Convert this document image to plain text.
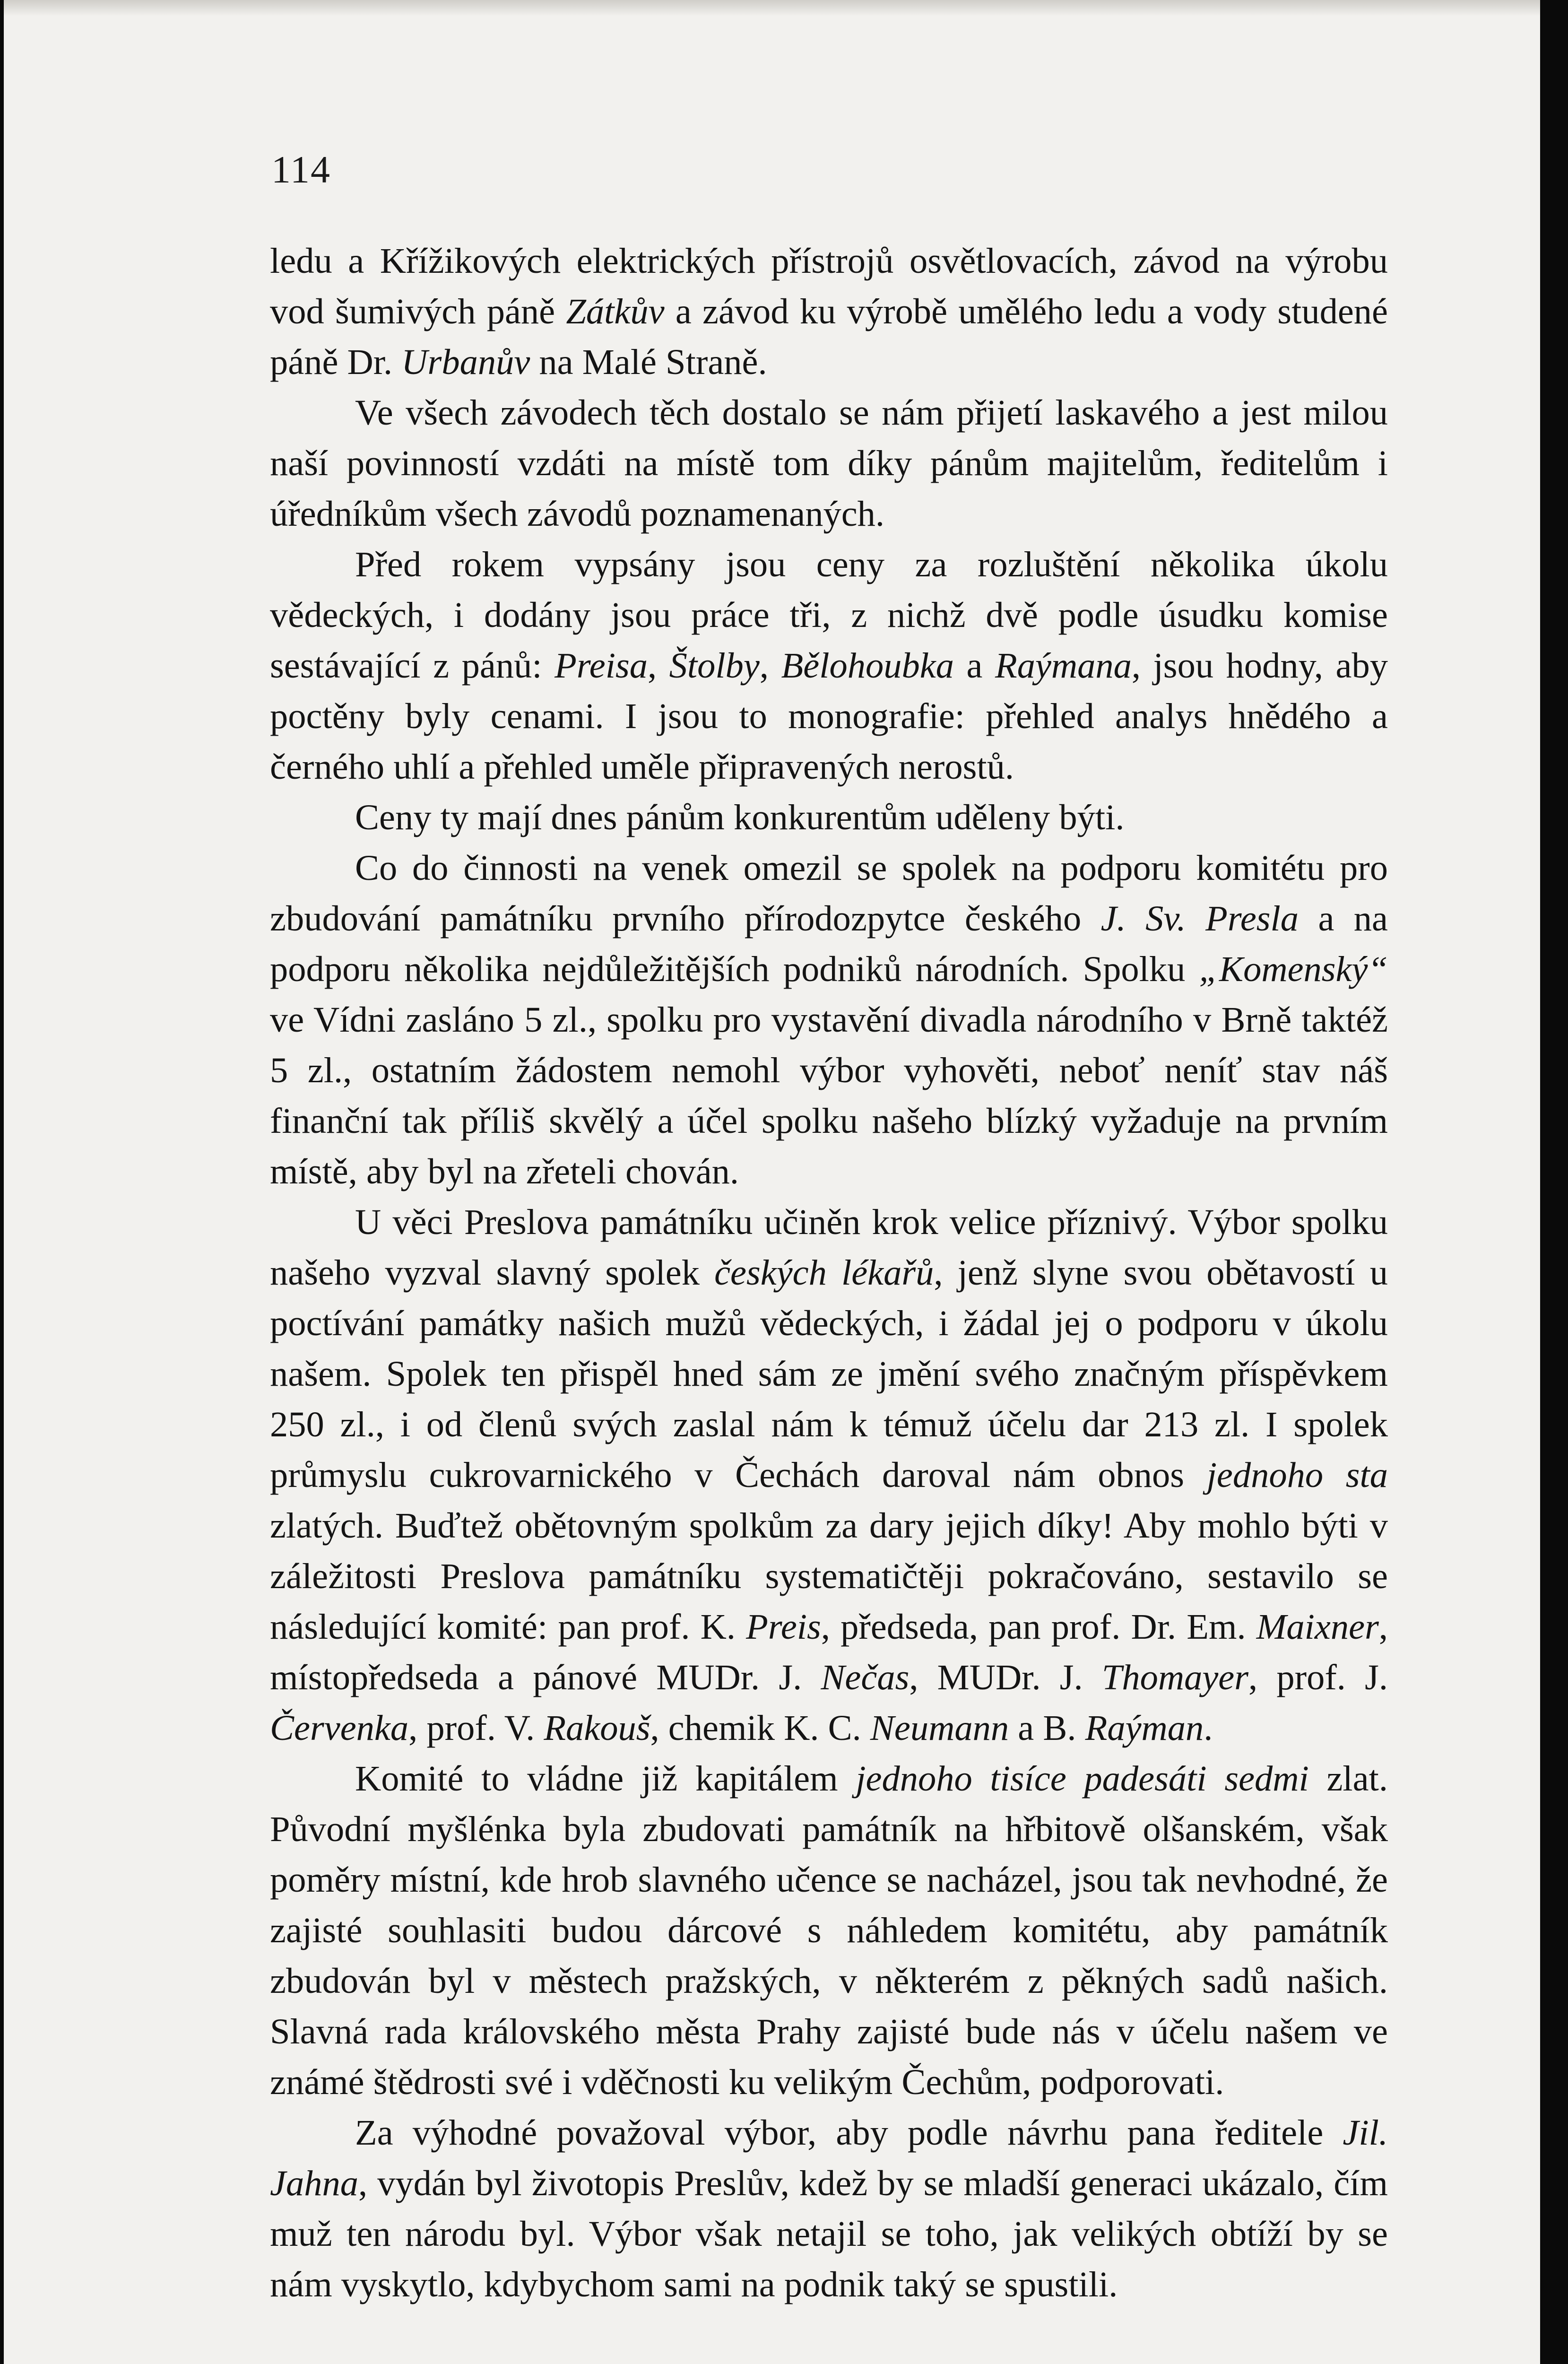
114

ledu a Křížikových elektrických přístrojů osvětlovacích, závod na výrobu vod šumivých páně Zátkův a závod ku výrobě umělého ledu a vody studené páně Dr. Urbanův na Malé Straně.

Ve všech závodech těch dostalo se nám přijetí laskavého a jest milou naší povinností vzdáti na místě tom díky pánům majitelům, ředitelům i úředníkům všech závodů poznamenaných.

Před rokem vypsány jsou ceny za rozluštění několika úkolu vědeckých, i dodány jsou práce tři, z nichž dvě podle úsudku komise sestávající z pánů: Preisa, Štolby, Bělohoubka a Raýmana, jsou hodny, aby poctěny byly cenami. I jsou to monografie: přehled analys hnědého a černého uhlí a přehled uměle připravených nerostů.

Ceny ty mají dnes pánům konkurentům uděleny býti.

Co do činnosti na venek omezil se spolek na podporu komitétu pro zbudování památníku prvního přírodozpytce českého J. Sv. Presla a na podporu několika nejdůležitějších podniků národních. Spolku „Komenský“ ve Vídni zasláno 5 zl., spolku pro vystavění divadla národního v Brně taktéž 5 zl., ostatním žádostem nemohl výbor vyhověti, neboť neníť stav náš finanční tak příliš skvělý a účel spolku našeho blízký vyžaduje na prvním místě, aby byl na zřeteli chován.

U věci Preslova památníku učiněn krok velice příznivý. Výbor spolku našeho vyzval slavný spolek českých lékařů, jenž slyne svou obětavostí u poctívání památky našich mužů vědeckých, i žádal jej o podporu v úkolu našem. Spolek ten přispěl hned sám ze jmění svého značným příspěvkem 250 zl., i od členů svých zaslal nám k témuž účelu dar 213 zl. I spolek průmyslu cukrovarnického v Čechách daroval nám obnos jednoho sta zlatých. Buďtež obětovným spolkům za dary jejich díky! Aby mohlo býti v záležitosti Preslova památníku systematičtěji pokračováno, sestavilo se následující komité: pan prof. K. Preis, předseda, pan prof. Dr. Em. Maixner, místopředseda a pánové MUDr. J. Nečas, MUDr. J. Thomayer, prof. J. Červenka, prof. V. Rakouš, chemik K. C. Neumann a B. Raýman.

Komité to vládne již kapitálem jednoho tisíce padesáti sedmi zlat. Původní myšlénka byla zbudovati památník na hřbitově olšanském, však poměry místní, kde hrob slavného učence se nacházel, jsou tak nevhodné, že zajisté souhlasiti budou dárcové s náhledem komitétu, aby památník zbudován byl v městech pražských, v některém z pěkných sadů našich. Slavná rada královského města Prahy zajisté bude nás v účelu našem ve známé štědrosti své i vděčnosti ku velikým Čechům, podporovati.

Za výhodné považoval výbor, aby podle návrhu pana ředitele Jil. Jahna, vydán byl životopis Preslův, kdež by se mladší generaci ukázalo, čím muž ten národu byl. Výbor však netajil se toho, jak velikých obtíží by se nám vyskytlo, kdybychom sami na podnik taký se spustili.
